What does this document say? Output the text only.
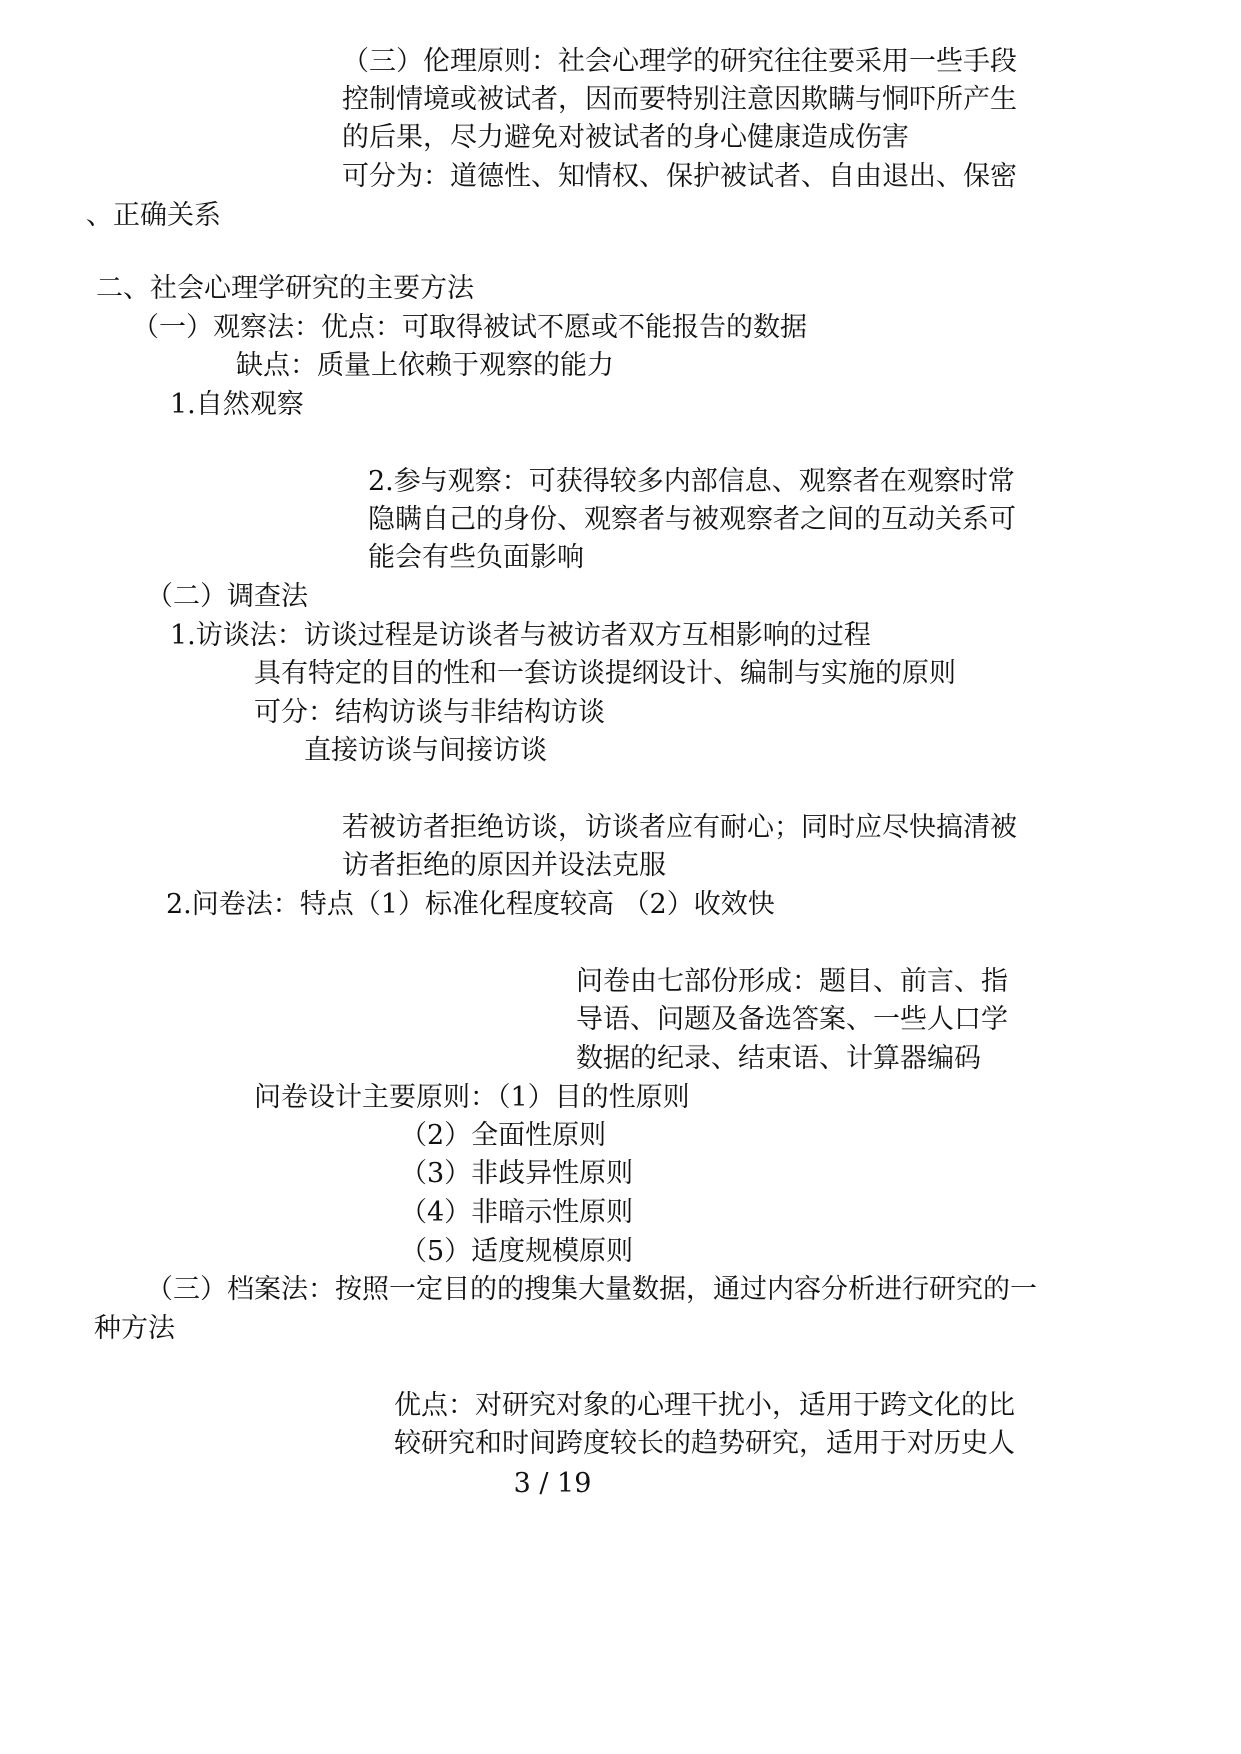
（三）伦理原则：社会心理学的研究往往要采用一些手段
控制情境或被试者，因而要特别注意因欺瞒与恫吓所产生
的后果，尽力避免对被试者的身心健康造成伤害
可分为：道德性、知情权、保护被试者、自由退出、保密
、正确关系
二、社会心理学研究的主要方法
（一）观察法：优点：可取得被试不愿或不能报告的数据
缺点：质量上依赖于观察的能力
1.自然观察
2.参与观察：可获得较多内部信息、观察者在观察时常
隐瞒自己的身份、观察者与被观察者之间的互动关系可
能会有些负面影响
（二）调查法
1.访谈法：访谈过程是访谈者与被访者双方互相影响的过程
具有特定的目的性和一套访谈提纲设计、编制与实施的原则
可分：结构访谈与非结构访谈
直接访谈与间接访谈
若被访者拒绝访谈，访谈者应有耐心；同时应尽快搞清被
访者拒绝的原因并设法克服
2.问卷法：特点（1）标准化程度较高 （2）收效快
问卷由七部份形成：题目、前言、指
导语、问题及备选答案、一些人口学
数据的纪录、结束语、计算器编码
问卷设计主要原则：（1）目的性原则
（2）全面性原则
（3）非歧异性原则
（4）非暗示性原则
（5）适度规模原则
（三）档案法：按照一定目的的搜集大量数据，通过内容分析进行研究的一
种方法
优点：对研究对象的心理干扰小，适用于跨文化的比
较研究和时间跨度较长的趋势研究，适用于对历史人
3 / 19
